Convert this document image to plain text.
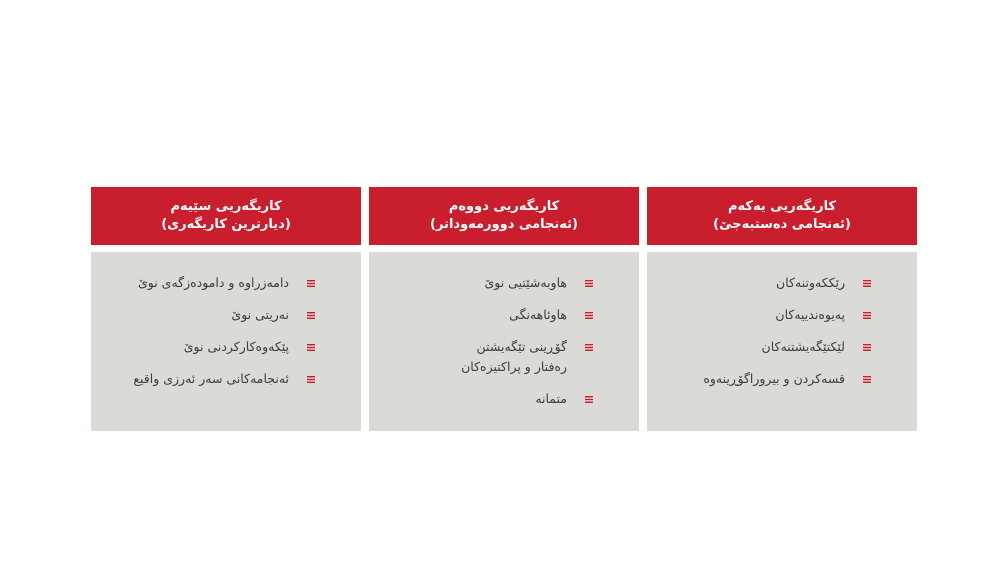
کاریگەریی یەکەم
(ئەنجامی دەستبەجێ)
رێککەوتنەکان
پەیوەندییەکان
لێکتێگەیشتنەکان
قسەکردن و بیروراگۆڕینەوە
کاریگەریی دووەم
(ئەنجامی دوورمەوداتر)
هاوبەشێتیی نوێ
هاوئاهەنگی
گۆڕینی تێگەیشتن
رەفتار و پراکتیزەکان
متمانە
کاریگەریی سێیەم
(دیارترین کاریگەری)
دامەزراوە و دامودەزگەی نوێ
نەریتی نوێ
پێکەوەکارکردنی نوێ
ئەنجامەکانی سەر ئەرزی واقیع
